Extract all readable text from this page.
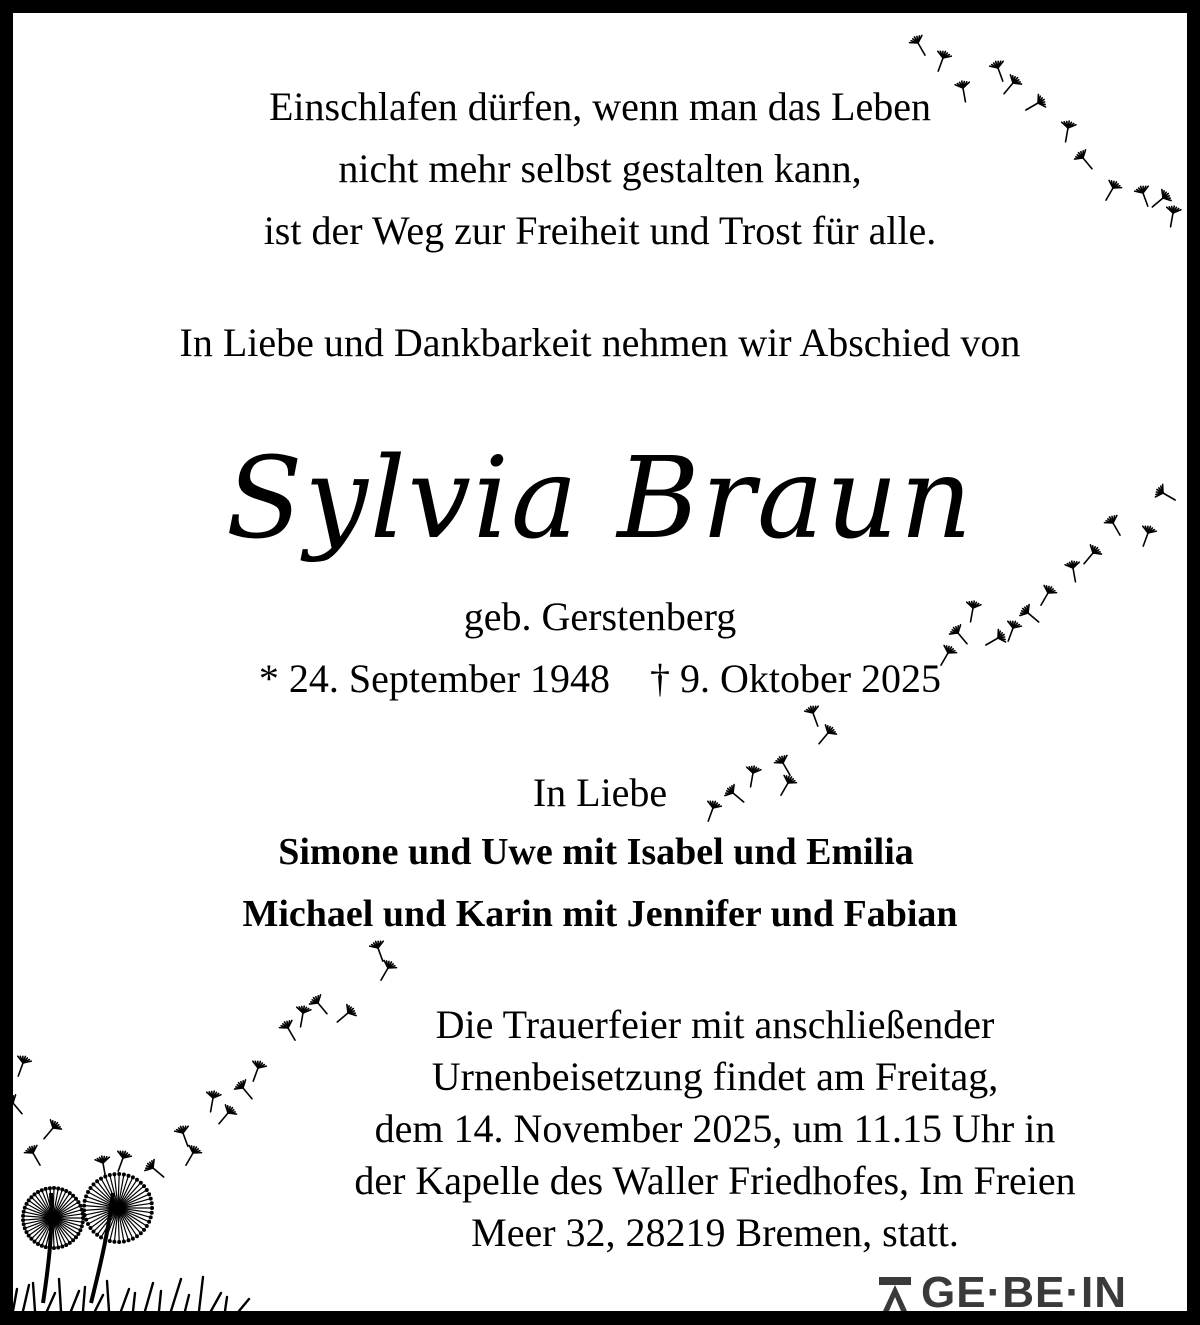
Einschlafen dürfen, wenn man das Leben
nicht mehr selbst gestalten kann,
ist der Weg zur Freiheit und Trost für alle.
In Liebe und Dankbarkeit nehmen wir Abschied von
Sylvia Braun
geb. Gerstenberg
* 24. September 1948 † 9. Oktober 2025
In Liebe
Simone und Uwe mit Isabel und Emilia
Michael und Karin mit Jennifer und Fabian
Die Trauerfeier mit anschließender
Urnenbeisetzung findet am Freitag,
dem 14. November 2025, um 11.15 Uhr in
der Kapelle des Waller Friedhofes, Im Freien
Meer 32, 28219 Bremen, statt.
GE·BE·IN
